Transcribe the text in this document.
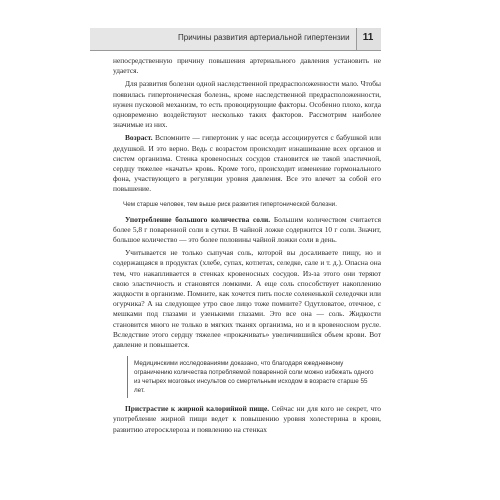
Причины развития артериальной гипертензии	11

непосредственную причину повышения артериального давления установить не удается.

Для развития болезни одной наследственной предрасположенности мало. Чтобы появилась гипертоническая болезнь, кроме наследственной предрасположенности, нужен пусковой механизм, то есть провоцирующие факторы. Особенно плохо, когда одновременно воздействуют несколько таких факторов. Рассмотрим наиболее значимые из них.

Возраст. Вспомните — гипертоник у нас всегда ассоциируется с бабушкой или дедушкой. И это верно. Ведь с возрастом происходит изнашивание всех органов и систем организма. Стенка кровеносных сосудов становится не такой эластичной, сердцу тяжелее «качать» кровь. Кроме того, происходит изменение гормонального фона, участвующего в регуляции уровня давления. Все это влечет за собой его повышение.

Чем старше человек, тем выше риск развития гипертонической болезни.

Употребление большого количества соли. Большим количеством считается более 5,8 г поваренной соли в сутки. В чайной ложке содержится 10 г соли. Значит, большое количество — это более половины чайной ложки соли в день.

Учитывается не только сыпучая соль, которой вы досаливаете пищу, но и содержащаяся в продуктах (хлебе, супах, котлетах, селедке, сале и т. д.). Опасна она тем, что накапливается в стенках кровеносных сосудов. Из-за этого они теряют свою эластичность и становятся ломкими. А еще соль способствует накоплению жидкости в организме. Помните, как хочется пить после солененькой селедочки или огурчика? А на следующее утро свое лицо тоже помните? Одутловатое, отечное, с мешками под глазами и узенькими глазами. Это все она — соль. Жидкости становится много не только в мягких тканях организма, но и в кровеносном русле. Вследствие этого сердцу тяжелее «прокачивать» увеличившийся объем крови. Вот давление и повышается.

Медицинскими исследованиями доказано, что благодаря ежедневному ограничению количества потребляемой поваренной соли можно избежать одного из четырех мозговых инсультов со смертельным исходом в возрасте старше 55 лет.

Пристрастие к жирной калорийной пище. Сейчас ни для кого не секрет, что употребление жирной пищи ведет к повышению уровня холестерина в крови, развитию атеросклероза и появлению на стенках
